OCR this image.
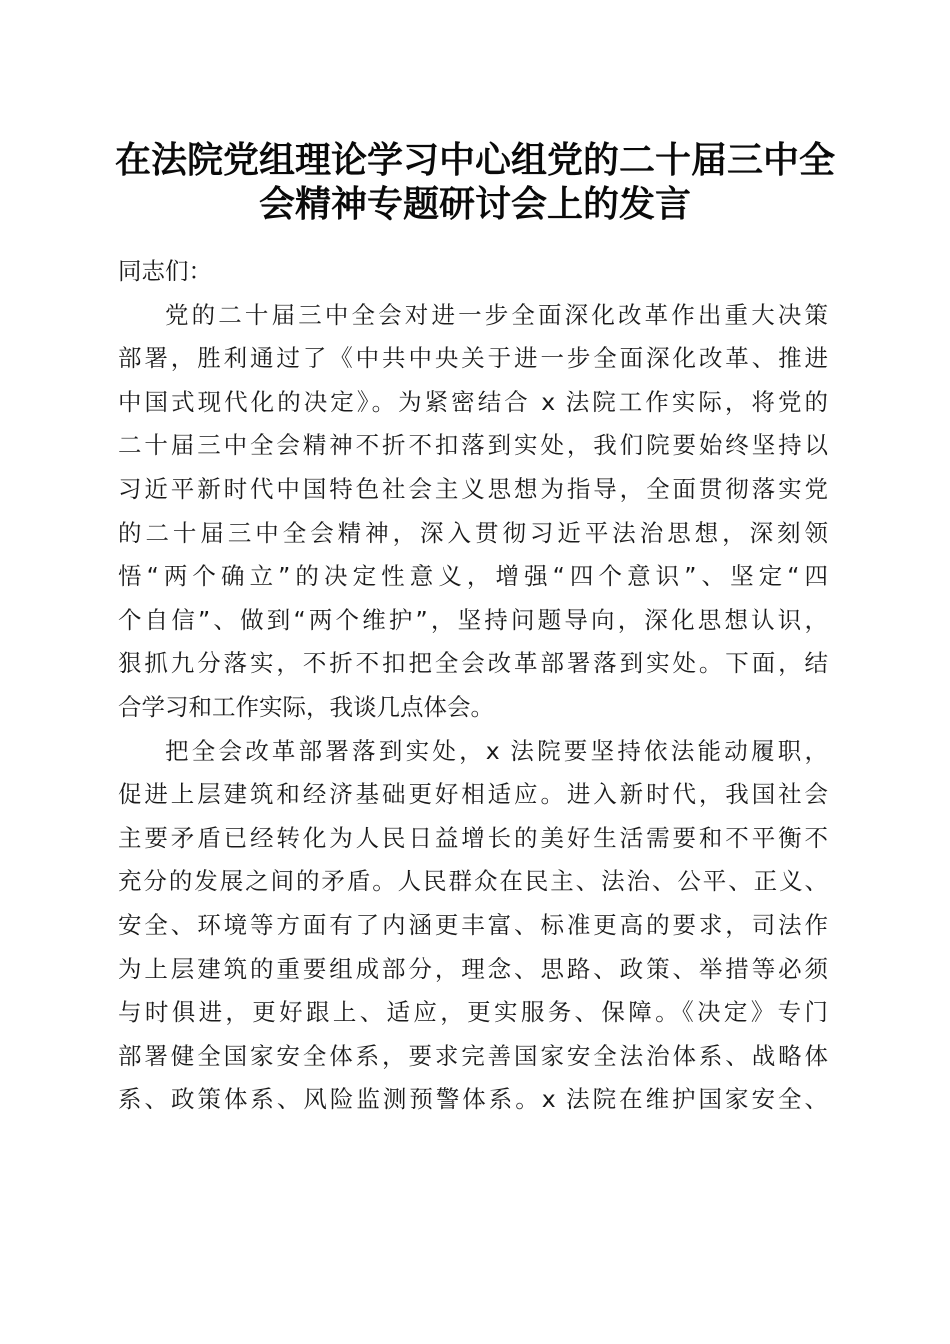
在法院党组理论学习中心组党的二十届三中全
会精神专题研讨会上的发言
同志们：
党的二十届三中全会对进一步全面深化改革作出重大决策
部署，胜利通过了《中共中央关于进一步全面深化改革、推进
中国式现代化的决定》。为紧密结合 x 法院工作实际，将党的
二十届三中全会精神不折不扣落到实处，我们院要始终坚持以
习近平新时代中国特色社会主义思想为指导，全面贯彻落实党
的二十届三中全会精神，深入贯彻习近平法治思想，深刻领
悟“两个确立”的决定性意义，增强“四个意识”、坚定“四
个自信”、做到“两个维护”，坚持问题导向，深化思想认识，
狠抓九分落实，不折不扣把全会改革部署落到实处。下面，结
合学习和工作实际，我谈几点体会。
把全会改革部署落到实处，x 法院要坚持依法能动履职，
促进上层建筑和经济基础更好相适应。进入新时代，我国社会
主要矛盾已经转化为人民日益增长的美好生活需要和不平衡不
充分的发展之间的矛盾。人民群众在民主、法治、公平、正义、
安全、环境等方面有了内涵更丰富、标准更高的要求，司法作
为上层建筑的重要组成部分，理念、思路、政策、举措等必须
与时俱进，更好跟上、适应，更实服务、保障。《决定》专门
部署健全国家安全体系，要求完善国家安全法治体系、战略体
系、政策体系、风险监测预警体系。x 法院在维护国家安全、
